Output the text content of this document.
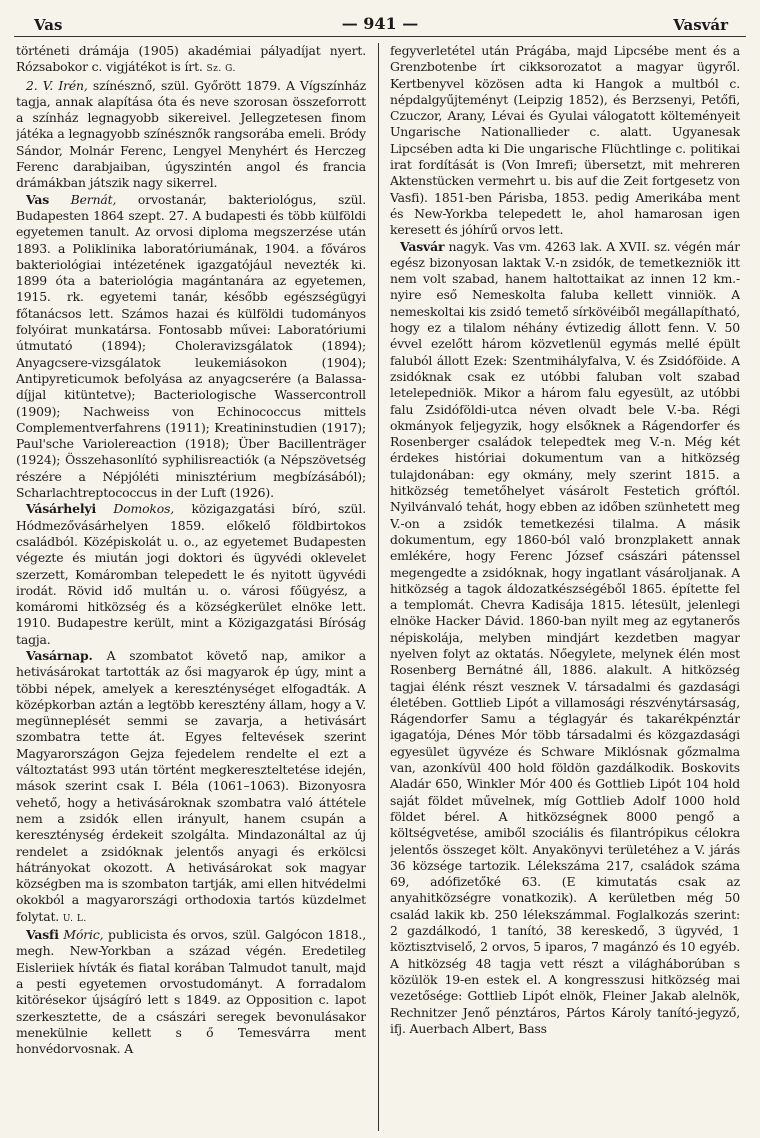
Vas	— 941 —	Vasvár

történeti drámája (1905) akadémiai pályadíjat nyert. Rózsabokor c. vigjátékot is írt. Sz. G.

2. V. Irén, színésznő, szül. Győrött 1879. A Vígszínház tagja, annak alapítása óta és neve szorosan összeforrott a színház legnagyobb sikereivel. Jellegzetesen finom játéka a legnagyobb színésznők rangsorába emeli. Bródy Sándor, Molnár Ferenc, Lengyel Menyhért és Herczeg Ferenc darabjaiban, úgyszintén angol és francia drámákban játszik nagy sikerrel.

Vas Bernát, orvostanár, bakteriológus, szül. Budapesten 1864 szept. 27. A budapesti és több külföldi egyetemen tanult. Az orvosi diploma megszerzése után 1893. a Poliklinika laboratóriumának, 1904. a főváros bakteriológiai intézetének igazgatójául nevezték ki. 1899 óta a bateriológia magántanára az egyetemen, 1915. rk. egyetemi tanár, később egészségügyi főtanácsos lett. Számos hazai és külföldi tudományos folyóirat munkatársa. Fontosabb művei: Laboratóriumi útmutató (1894); Choleravizsgálatok (1894); Anyagcsere-vizsgálatok leukemiásokon (1904); Antipyreticumok befolyása az anyagcserére (a Balassa-díjjal kitüntetve); Bacteriologische Wassercontroll (1909); Nachweiss von Echinococcus mittels Complementverfahrens (1911); Kreatininstudien (1917); Paul'sche Variolereaction (1918); Über Bacillenträger (1924); Összehasonlító syphilisreactiók (a Népszövetség részére a Népjóléti minisztérium megbízásából); Scharlachtreptococcus in der Luft (1926).

Vásárhelyi Domokos, közigazgatási bíró, szül. Hódmezővásárhelyen 1859. előkelő földbirtokos családból. Középiskolát u. o., az egyetemet Budapesten végezte és miután jogi doktori és ügyvédi oklevelet szerzett, Komáromban telepedett le és nyitott ügyvédi irodát. Rövid idő multán u. o. városi főügyész, a komáromi hitközség és a községkerület elnöke lett. 1910. Budapestre került, mint a Közigazgatási Bíróság tagja.

Vasárnap. A szombatot követő nap, amikor a hetivásárokat tartották az ősi magyarok ép úgy, mint a többi népek, amelyek a kereszténységet elfogadták. A középkorban aztán a legtöbb keresztény állam, hogy a V. megünneplését semmi se zavarja, a hetivásárt szombatra tette át. Egyes feltevések szerint Magyarországon Gejza fejedelem rendelte el ezt a változtatást 993 után történt megkereszteltetése idején, mások szerint csak I. Béla (1061–1063). Bizonyosra vehető, hogy a hetivásároknak szombatra való áttétele nem a zsidók ellen irányult, hanem csupán a kereszténység érdekeit szolgálta. Mindazonáltal az új rendelet a zsidóknak jelentős anyagi és erkölcsi hátrányokat okozott. A hetivásárokat sok magyar községben ma is szombaton tartják, ami ellen hitvédelmi okokból a magyarországi orthodoxia tartós küzdelmet folytat. U. L.

Vasfi Móric, publicista és orvos, szül. Galgócon 1818., megh. New-Yorkban a század végén. Eredetileg Eisleriiek hívták és fiatal korában Talmudot tanult, majd a pesti egyetemen orvostudományt. A forradalom kitörésekor újságíró lett s 1849. az Opposition c. lapot szerkesztette, de a császári seregek bevonulásakor menekülnie kellett s ő Temesvárra ment honvédorvosnak. A

fegyverletétel után Prágába, majd Lipcsébe ment és a Grenzbotenbe írt cikksorozatot a magyar ügyről. Kertbenyvel közösen adta ki Hangok a multból c. népdalgyűjteményt (Leipzig 1852), és Berzsenyi, Petőfi, Czuczor, Arany, Lévai és Gyulai válogatott költeményeit Ungarische Nationallieder c. alatt. Ugyanesak Lipcsében adta ki Die ungarische Flüchtlinge c. politikai irat fordítását is (Von Imrefi; übersetzt, mit mehreren Aktenstücken vermehrt u. bis auf die Zeit fortgesetz von Vasfi). 1851-ben Párisba, 1853. pedig Amerikába ment és New-Yorkba telepedett le, ahol hamarosan igen keresett és jóhírű orvos lett.

Vasvár nagyk. Vas vm. 4263 lak. A XVII. sz. végén már egész bizonyosan laktak V.-n zsidók, de temetkezniök itt nem volt szabad, hanem haltottaikat az innen 12 km.-nyire eső Nemeskolta faluba kellett vinniök. A nemeskoltai kis zsidó temető sírkövéiből megállapítható, hogy ez a tilalom néhány évtizedig állott fenn. V. 50 évvel ezelőtt három közvetlenül egymás mellé épült faluból állott Ezek: Szentmihályfalva, V. és Zsidóföide. A zsidóknak csak ez utóbbi faluban volt szabad letelepedniök. Mikor a három falu egyesült, az utóbbi falu Zsidóföldi-utca néven olvadt bele V.-ba. Régi okmányok feljegyzik, hogy elsőknek a Rágendorfer és Rosenberger családok telepedtek meg V.-n. Még két érdekes históriai dokumentum van a hitközség tulajdonában: egy okmány, mely szerint 1815. a hitközség temetőhelyet vásárolt Festetich gróftól. Nyilvánvaló tehát, hogy ebben az időben szünhetett meg V.-on a zsidók temetkezési tilalma. A másik dokumentum, egy 1860-ból való bronzplakett annak emlékére, hogy Ferenc József császári pátenssel megengedte a zsidóknak, hogy ingatlant vásároljanak. A hitközség a tagok áldozatkészségéből 1865. építette fel a templomát. Chevra Kadisája 1815. létesült, jelenlegi elnöke Hacker Dávid. 1860-ban nyilt meg az egytanerős népiskolája, melyben mindjárt kezdetben magyar nyelven folyt az oktatás. Nőegylete, melynek élén most Rosenberg Bernátné áll, 1886. alakult. A hitközség tagjai élénk részt vesznek V. társadalmi és gazdasági életében. Gottlieb Lipót a villamosági részvénytársaság, Rágendorfer Samu a téglagyár és takarékpénztár igagatója, Dénes Mór több társadalmi és közgazdasági egyesület ügyvéze és Schware Miklósnak gőzmalma van, azonkívül 400 hold földön gazdálkodik. Boskovits Aladár 650, Winkler Mór 400 és Gottlieb Lipót 104 hold saját földet művelnek, míg Gottlieb Adolf 1000 hold földet bérel. A hitközségnek 8000 pengő a költségvetése, amiből szociális és filantrópikus célokra jelentős összeget költ. Anyakönyvi területéhez a V. járás 36 községe tartozik. Lélekszáma 217, családok száma 69, adófizetőké 63. (E kimutatás csak az anyahitközségre vonatkozik). A kerületben még 50 család lakik kb. 250 lélekszámmal. Foglalkozás szerint: 2 gazdálkodó, 1 tanító, 38 kereskedő, 3 ügyvéd, 1 köztisztviselő, 2 orvos, 5 iparos, 7 magánzó és 10 egyéb. A hitközség 48 tagja vett részt a világháborúban s közülök 19-en estek el. A kongresszusi hitközség mai vezetősége: Gottlieb Lipót elnök, Fleiner Jakab alelnök, Rechnitzer Jenő pénztáros, Pártos Károly tanító-jegyző, ifj. Auerbach Albert, Bass
